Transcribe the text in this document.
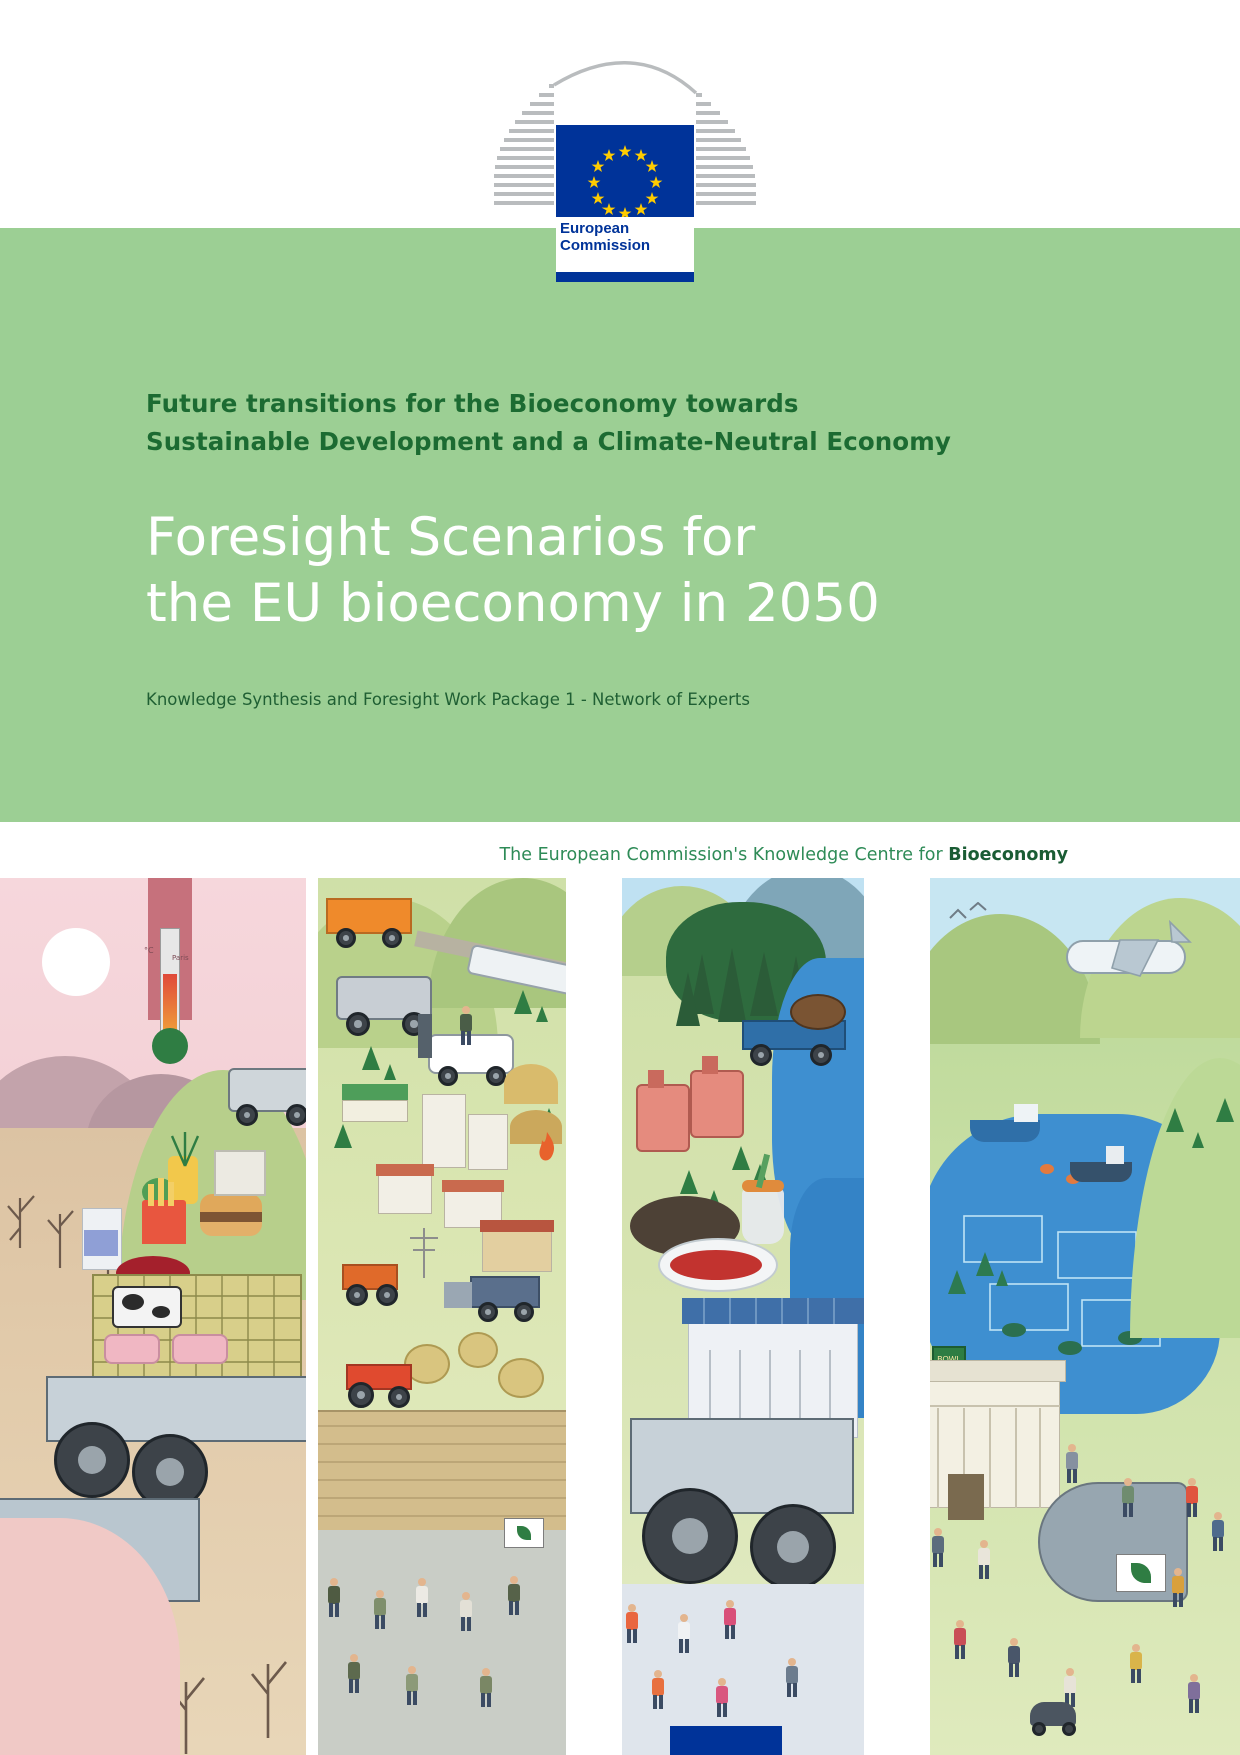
European
Commission
Future transitions for the Bioeconomy towards
Sustainable Development and a Climate-Neutral Economy
Foresight Scenarios for
the EU bioeconomy in 2050
Knowledge Synthesis and Foresight Work Package 1 - Network of Experts
The European Commission's Knowledge Centre for Bioeconomy
°C
Paris
